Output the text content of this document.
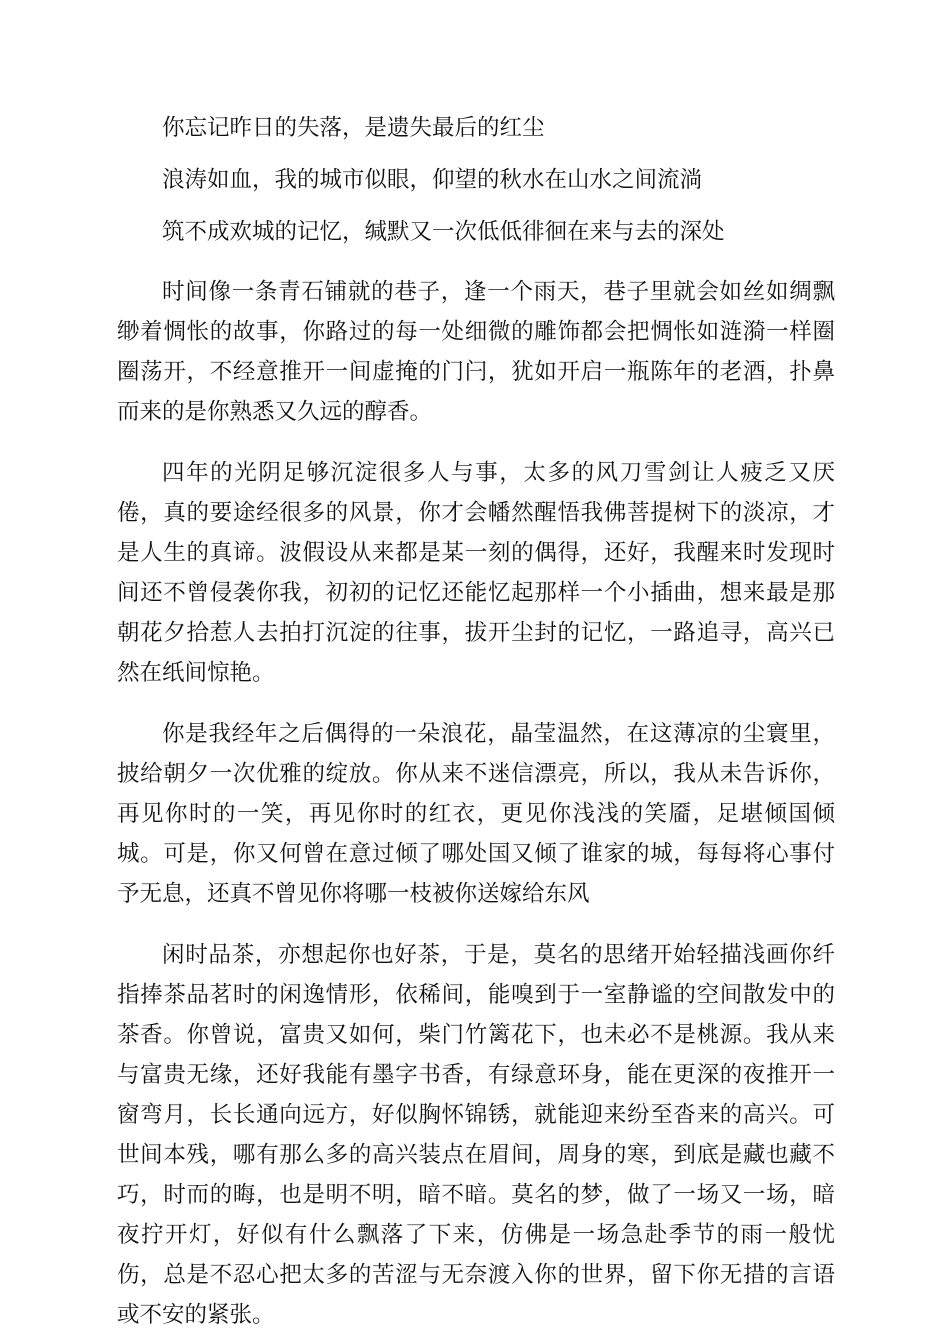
你忘记昨日的失落，是遗失最后的红尘

浪涛如血，我的城市似眼，仰望的秋水在山水之间流淌

筑不成欢城的记忆，缄默又一次低低徘徊在来与去的深处

时间像一条青石铺就的巷子，逢一个雨天，巷子里就会如丝如绸飘缈着惆怅的故事，你路过的每一处细微的雕饰都会把惆怅如涟漪一样圈圈荡开，不经意推开一间虚掩的门闩，犹如开启一瓶陈年的老酒，扑鼻而来的是你熟悉又久远的醇香。

四年的光阴足够沉淀很多人与事，太多的风刀雪剑让人疲乏又厌倦，真的要途经很多的风景，你才会幡然醒悟我佛菩提树下的淡凉，才是人生的真谛。波假设从来都是某一刻的偶得，还好，我醒来时发现时间还不曾侵袭你我，初初的记忆还能忆起那样一个小插曲，想来最是那朝花夕拾惹人去拍打沉淀的往事，拔开尘封的记忆，一路追寻，高兴已然在纸间惊艳。

你是我经年之后偶得的一朵浪花，晶莹温然，在这薄凉的尘寰里，披给朝夕一次优雅的绽放。你从来不迷信漂亮，所以，我从未告诉你，再见你时的一笑，再见你时的红衣，更见你浅浅的笑靥，足堪倾国倾城。可是，你又何曾在意过倾了哪处国又倾了谁家的城，每每将心事付予无息，还真不曾见你将哪一枝被你送嫁给东风

闲时品茶，亦想起你也好茶，于是，莫名的思绪开始轻描浅画你纤指捧茶品茗时的闲逸情形，依稀间，能嗅到于一室静谧的空间散发中的茶香。你曾说，富贵又如何，柴门竹篱花下，也未必不是桃源。我从来与富贵无缘，还好我能有墨字书香，有绿意环身，能在更深的夜推开一窗弯月，长长通向远方，好似胸怀锦锈，就能迎来纷至沓来的高兴。可世间本残，哪有那么多的高兴装点在眉间，周身的寒，到底是藏也藏不巧，时而的晦，也是明不明，暗不暗。莫名的梦，做了一场又一场，暗夜拧开灯，好似有什么飘落了下来，仿佛是一场急赴季节的雨一般忧伤，总是不忍心把太多的苦涩与无奈渡入你的世界，留下你无措的言语或不安的紧张。
